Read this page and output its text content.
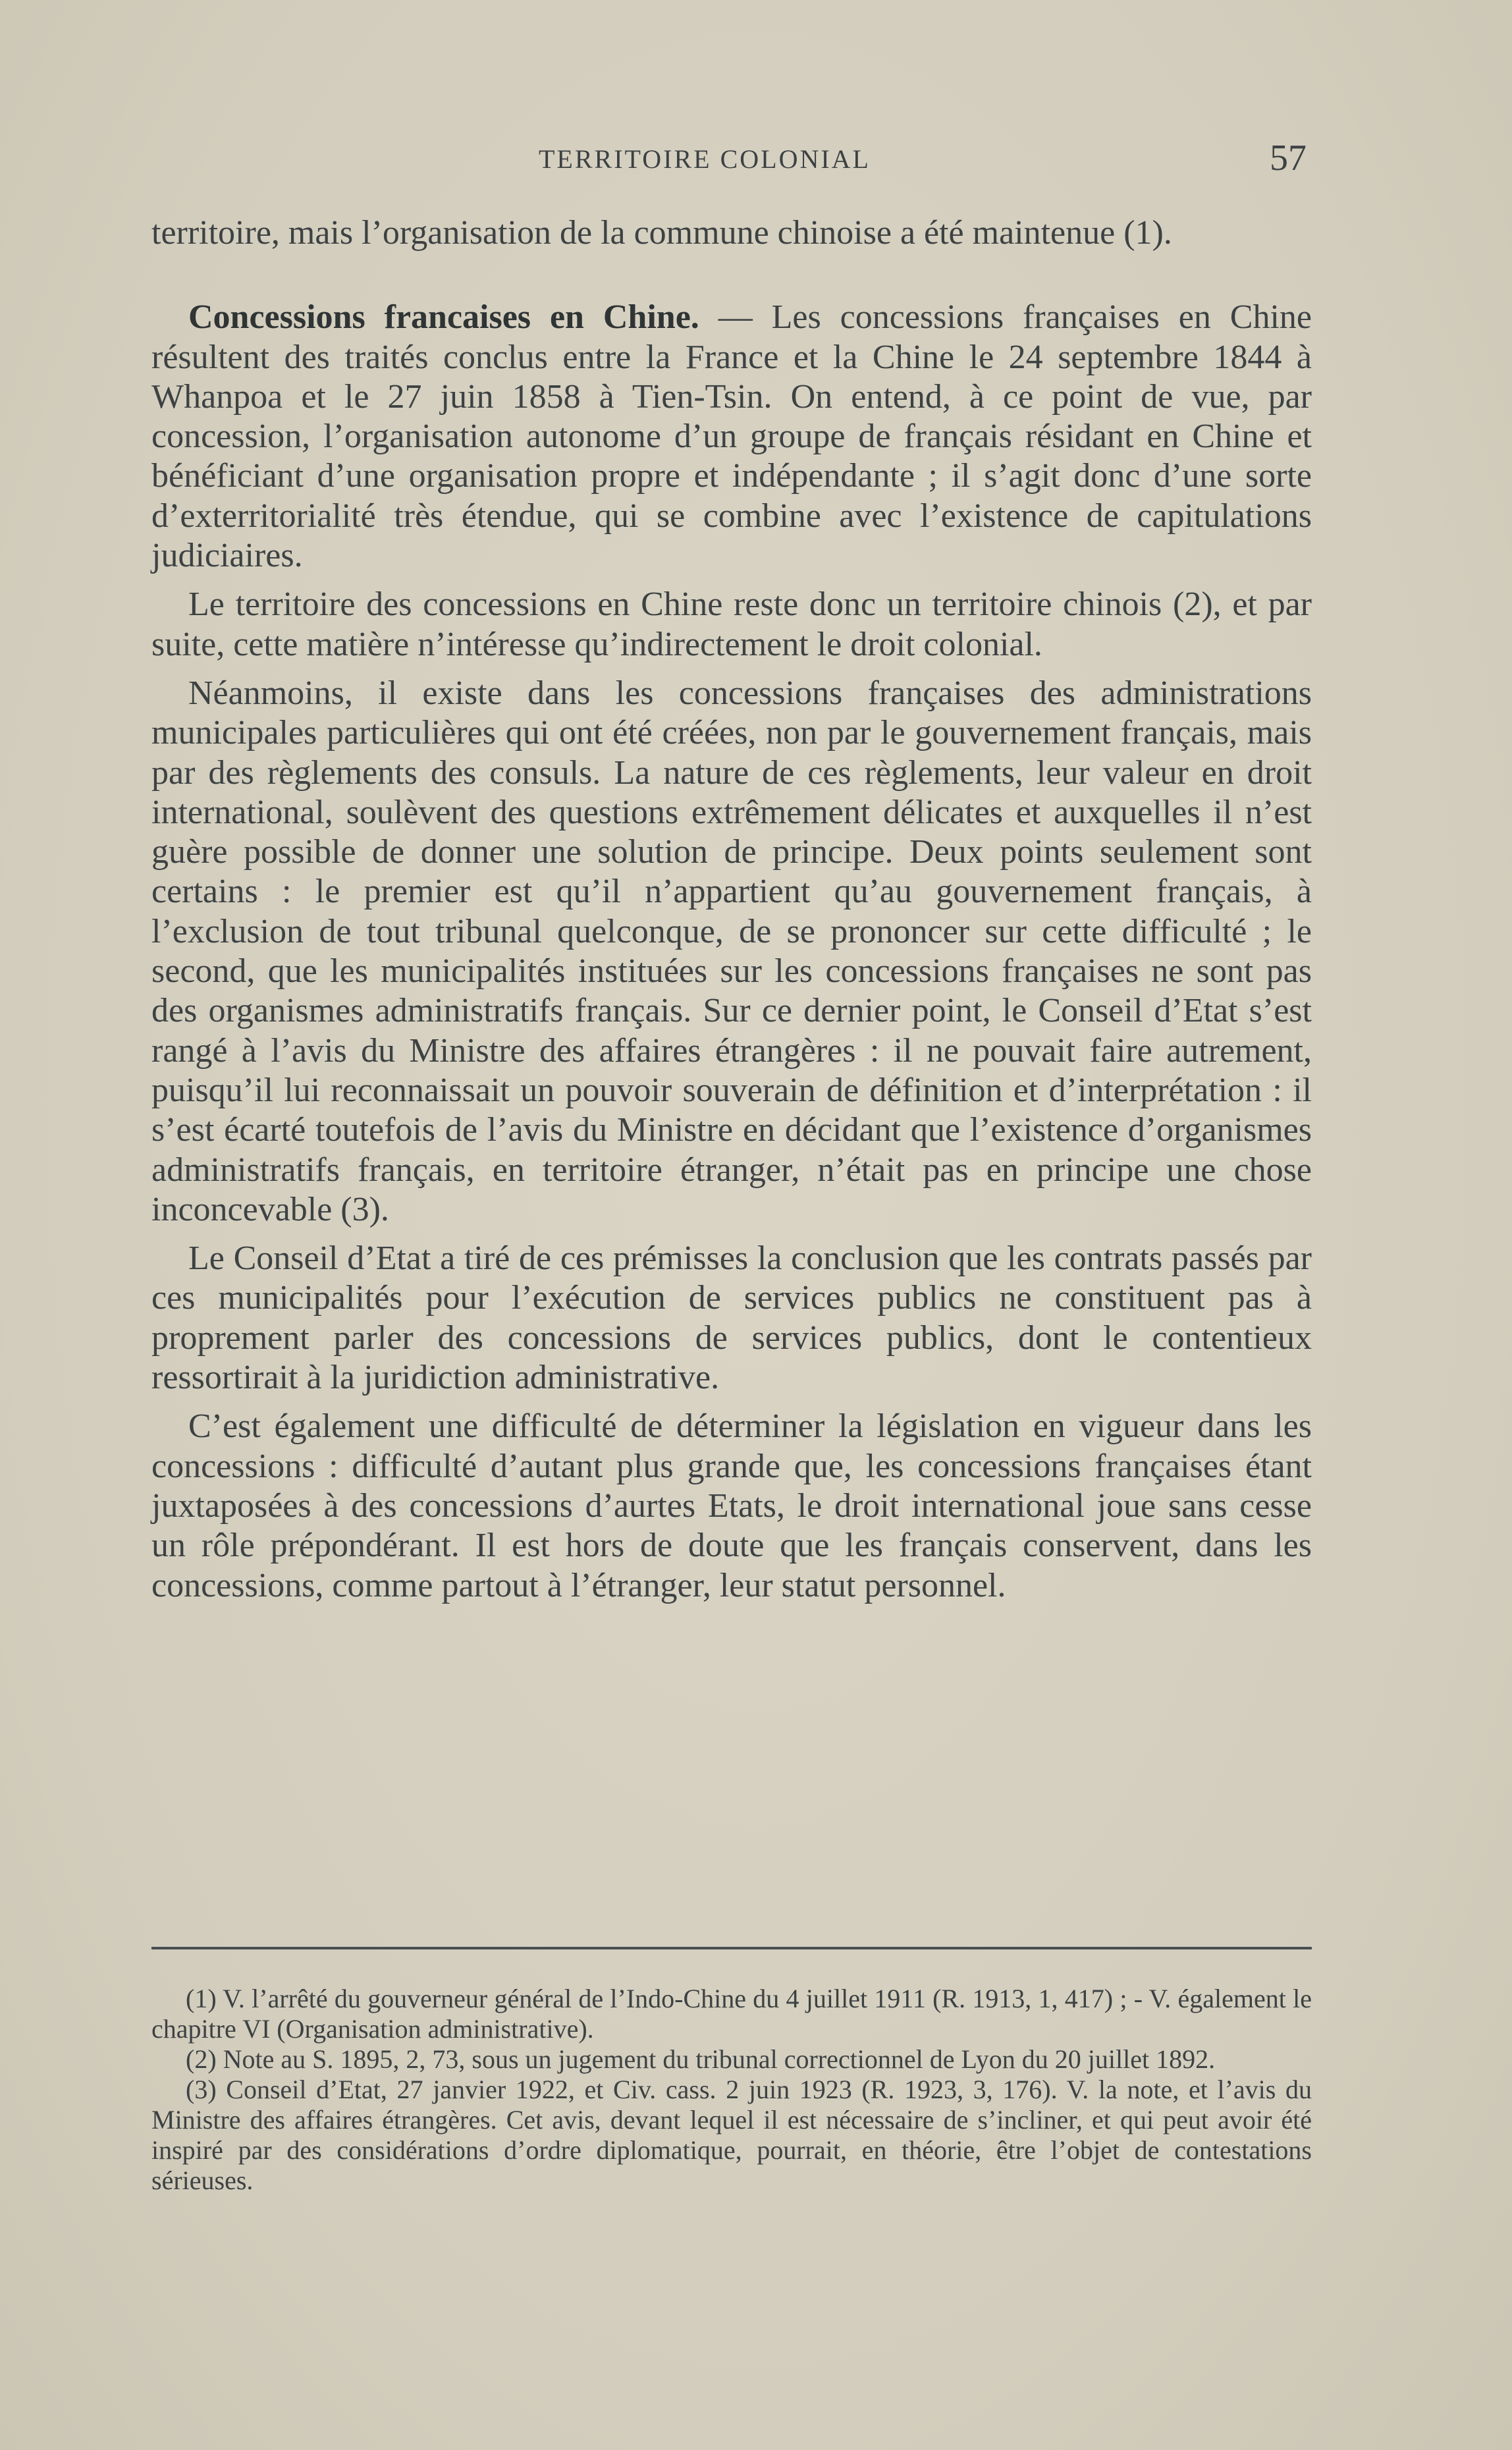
TERRITOIRE COLONIAL	57

territoire, mais l’organisation de la commune chinoise a été maintenue (1).

Concessions francaises en Chine. — Les concessions françaises en Chine résultent des traités conclus entre la France et la Chine le 24 septembre 1844 à Whanpoa et le 27 juin 1858 à Tien-Tsin. On entend, à ce point de vue, par concession, l’organisation autonome d’un groupe de français résidant en Chine et bénéficiant d’une organisation propre et indépendante ; il s’agit donc d’une sorte d’exterritorialité très étendue, qui se combine avec l’existence de capitulations judiciaires.

Le territoire des concessions en Chine reste donc un territoire chinois (2), et par suite, cette matière n’intéresse qu’indirectement le droit colonial.

Néanmoins, il existe dans les concessions françaises des administrations municipales particulières qui ont été créées, non par le gouvernement français, mais par des règlements des consuls. La nature de ces règlements, leur valeur en droit international, soulèvent des questions extrêmement délicates et auxquelles il n’est guère possible de donner une solution de principe. Deux points seulement sont certains : le premier est qu’il n’appartient qu’au gouvernement français, à l’exclusion de tout tribunal quelconque, de se prononcer sur cette difficulté ; le second, que les municipalités instituées sur les concessions françaises ne sont pas des organismes administratifs français. Sur ce dernier point, le Conseil d’Etat s’est rangé à l’avis du Ministre des affaires étrangères : il ne pouvait faire autrement, puisqu’il lui reconnaissait un pouvoir souverain de définition et d’interprétation : il s’est écarté toutefois de l’avis du Ministre en décidant que l’existence d’organismes administratifs français, en territoire étranger, n’était pas en principe une chose inconcevable (3).

Le Conseil d’Etat a tiré de ces prémisses la conclusion que les contrats passés par ces municipalités pour l’exécution de services publics ne constituent pas à proprement parler des concessions de services publics, dont le contentieux ressortirait à la juridiction administrative.

C’est également une difficulté de déterminer la législation en vigueur dans les concessions : difficulté d’autant plus grande que, les concessions françaises étant juxtaposées à des concessions d’aurtes Etats, le droit international joue sans cesse un rôle prépondérant. Il est hors de doute que les français conservent, dans les concessions, comme partout à l’étranger, leur statut personnel.

(1) V. l’arrêté du gouverneur général de l’Indo-Chine du 4 juillet 1911 (R. 1913, 1, 417) ; - V. également le chapitre VI (Organisation administrative).

(2) Note au S. 1895, 2, 73, sous un jugement du tribunal correctionnel de Lyon du 20 juillet 1892.

(3) Conseil d’Etat, 27 janvier 1922, et Civ. cass. 2 juin 1923 (R. 1923, 3, 176). V. la note, et l’avis du Ministre des affaires étrangères. Cet avis, devant lequel il est nécessaire de s’incliner, et qui peut avoir été inspiré par des considérations d’ordre diplomatique, pourrait, en théorie, être l’objet de contestations sérieuses.
